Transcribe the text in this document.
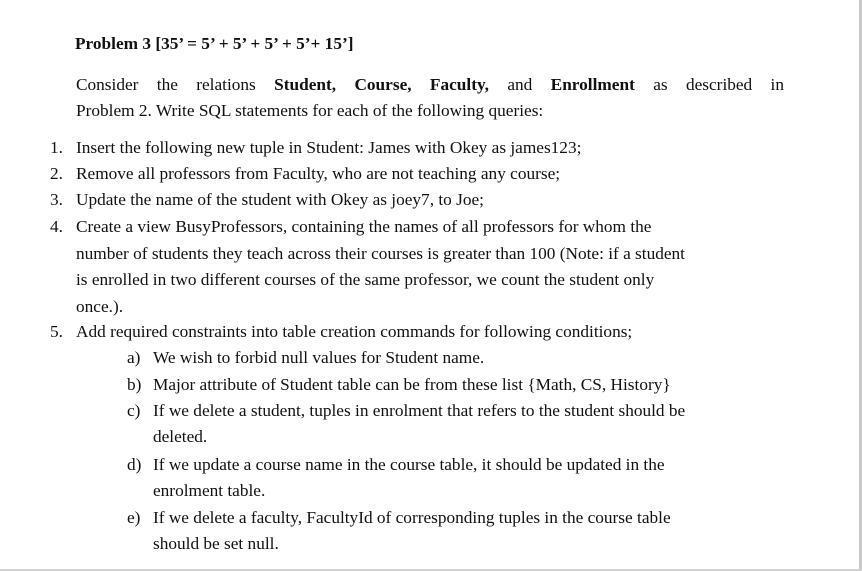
Problem 3 [35’ = 5’ + 5’ + 5’ + 5’+ 15’]
Consider the relations Student, Course, Faculty, and Enrollment as described in
Problem 2. Write SQL statements for each of the following queries:
1. Insert the following new tuple in Student: James with Okey as james123;
2. Remove all professors from Faculty, who are not teaching any course;
3. Update the name of the student with Okey as joey7, to Joe;
4. Create a view BusyProfessors, containing the names of all professors for whom the
number of students they teach across their courses is greater than 100 (Note: if a student
is enrolled in two different courses of the same professor, we count the student only
once.).
5. Add required constraints into table creation commands for following conditions;
a) We wish to forbid null values for Student name.
b) Major attribute of Student table can be from these list {Math, CS, History}
c) If we delete a student, tuples in enrolment that refers to the student should be
deleted.
d) If we update a course name in the course table, it should be updated in the
enrolment table.
e) If we delete a faculty, FacultyId of corresponding tuples in the course table
should be set null.
